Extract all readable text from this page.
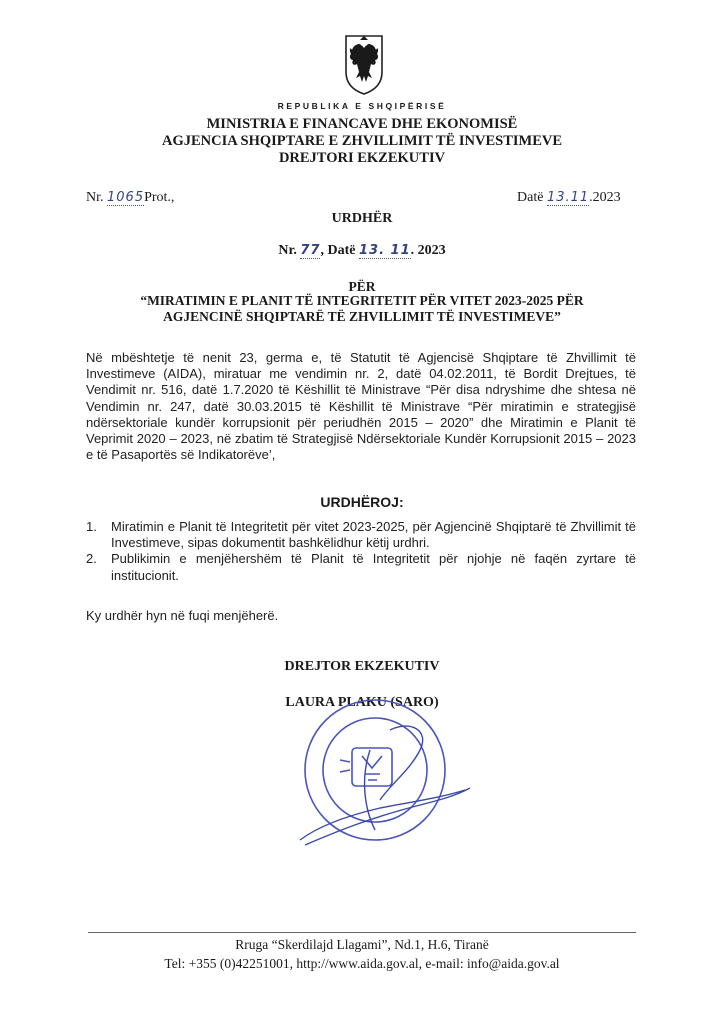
REPUBLIKA E SHQIPËRISË
MINISTRIA E FINANCAVE DHE EKONOMISË
AGJENCIA SHQIPTARE E ZHVILLIMIT TË INVESTIMEVE
DREJTORI EKZEKUTIV
Nr. 1065Prot.,	Datë 13.11.2023
URDHËR
Nr. 77, Datë 13. 11. 2023
PËR
“MIRATIMIN E PLANIT TË INTEGRITETIT PËR VITET 2023-2025 PËR
AGJENCINË SHQIPTARË TË ZHVILLIMIT TË INVESTIMEVE”
Në mbështetje të nenit 23, germa e, të Statutit të Agjencisë Shqiptare të Zhvillimit të Investimeve (AIDA), miratuar me vendimin nr. 2, datë 04.02.2011, të Bordit Drejtues, të Vendimit nr. 516, datë 1.7.2020 të Këshillit të Ministrave “Për disa ndryshime dhe shtesa në Vendimin nr. 247, datë 30.03.2015 të Këshillit të Ministrave “Për miratimin e strategjisë ndërsektoriale kundër korrupsionit për periudhën 2015 – 2020” dhe Miratimin e Planit të Veprimit 2020 – 2023, në zbatim të Strategjisë Ndërsektoriale Kundër Korrupsionit 2015 – 2023 e të Pasaportës së Indikatorëve’,
URDHËROJ:
1. Miratimin e Planit të Integritetit për vitet 2023-2025, për Agjencinë Shqiptarë të Zhvillimit të Investimeve, sipas dokumentit bashkëlidhur këtij urdhri.
2. Publikimin e menjëhershëm të Planit të Integritetit për njohje në faqën zyrtare të institucionit.
Ky urdhër hyn në fuqi menjëherë.
DREJTOR EKZEKUTIV
LAURA PLAKU (SARO)
Rruga “Skerdilajd Llagami”, Nd.1, H.6, Tiranë
Tel: +355 (0)42251001, http://www.aida.gov.al, e-mail: info@aida.gov.al
